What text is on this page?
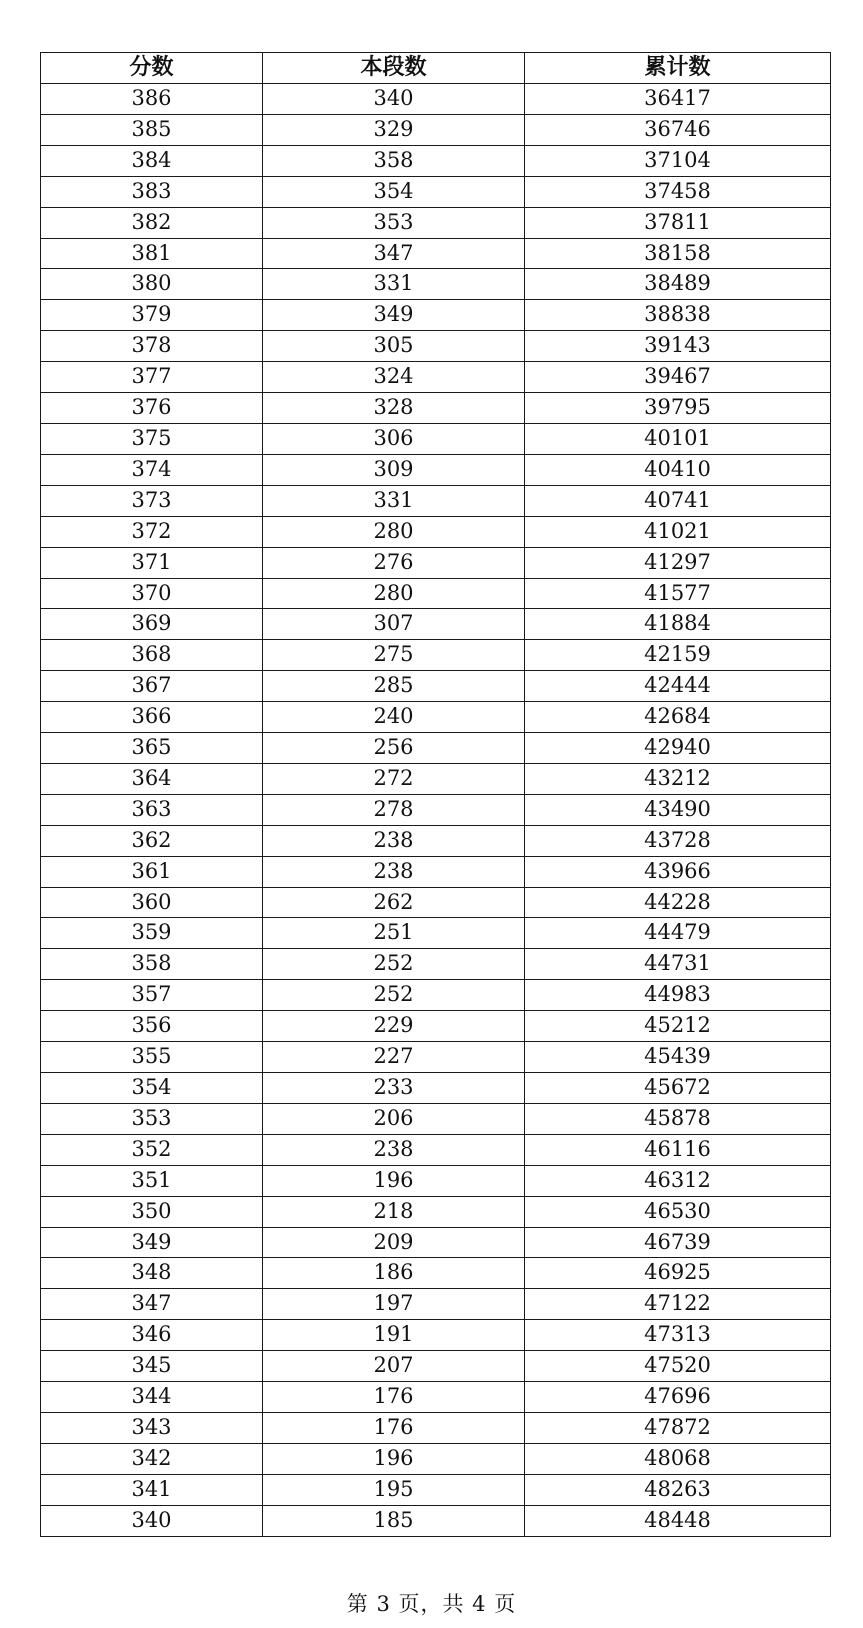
分数	本段数	累计数
386	340	36417
385	329	36746
384	358	37104
383	354	37458
382	353	37811
381	347	38158
380	331	38489
379	349	38838
378	305	39143
377	324	39467
376	328	39795
375	306	40101
374	309	40410
373	331	40741
372	280	41021
371	276	41297
370	280	41577
369	307	41884
368	275	42159
367	285	42444
366	240	42684
365	256	42940
364	272	43212
363	278	43490
362	238	43728
361	238	43966
360	262	44228
359	251	44479
358	252	44731
357	252	44983
356	229	45212
355	227	45439
354	233	45672
353	206	45878
352	238	46116
351	196	46312
350	218	46530
349	209	46739
348	186	46925
347	197	47122
346	191	47313
345	207	47520
344	176	47696
343	176	47872
342	196	48068
341	195	48263
340	185	48448
第 3 页，共 4 页
